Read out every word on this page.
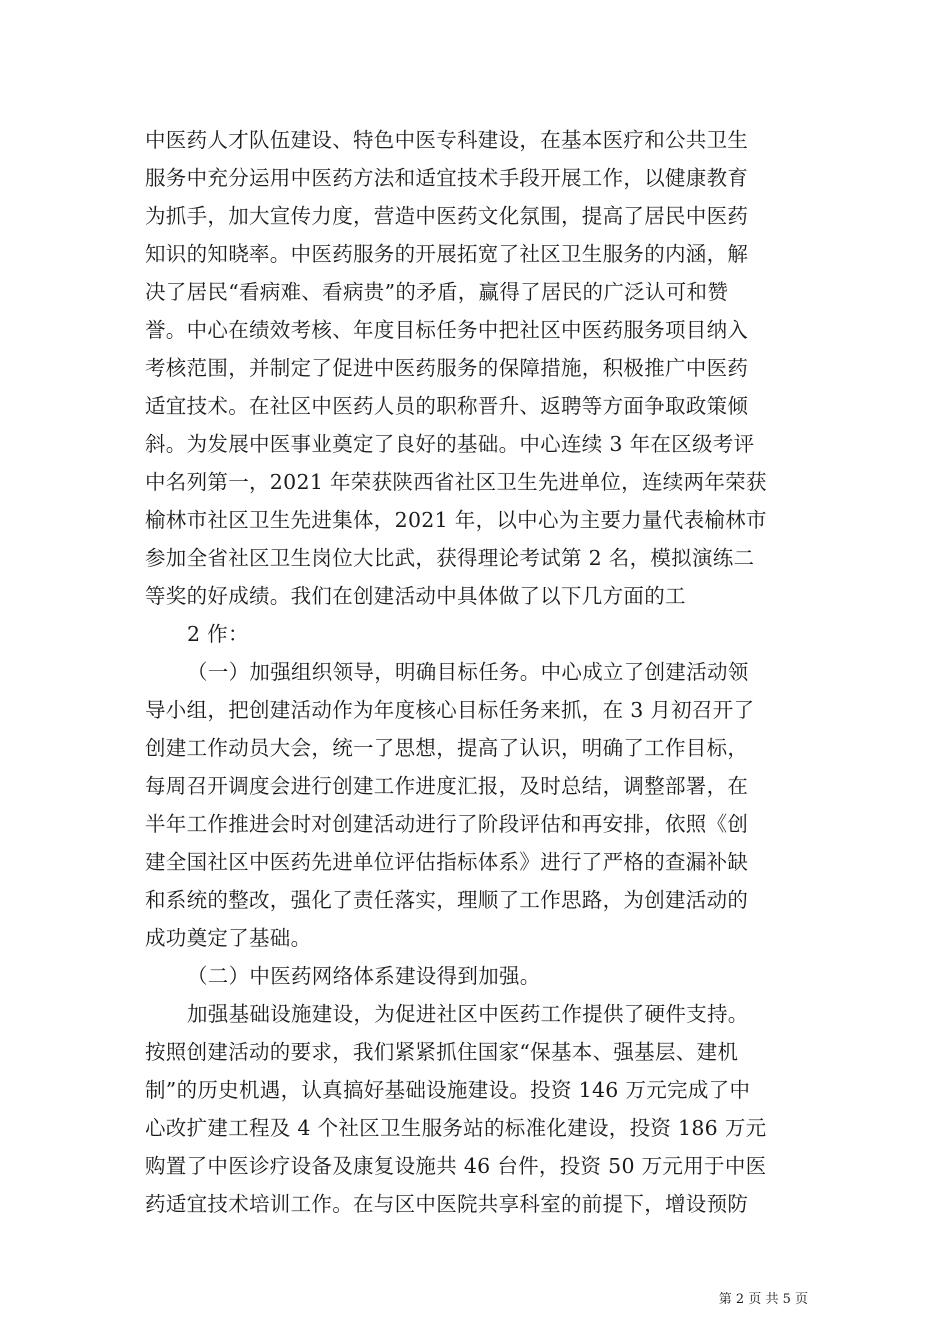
中医药人才队伍建设、特色中医专科建设，在基本医疗和公共卫生
服务中充分运用中医药方法和适宜技术手段开展工作，以健康教育
为抓手，加大宣传力度，营造中医药文化氛围，提高了居民中医药
知识的知晓率。中医药服务的开展拓宽了社区卫生服务的内涵，解
决了居民“看病难、看病贵”的矛盾，赢得了居民的广泛认可和赞
誉。中心在绩效考核、年度目标任务中把社区中医药服务项目纳入
考核范围，并制定了促进中医药服务的保障措施，积极推广中医药
适宜技术。在社区中医药人员的职称晋升、返聘等方面争取政策倾
斜。为发展中医事业奠定了良好的基础。中心连续 3 年在区级考评
中名列第一，2021 年荣获陕西省社区卫生先进单位，连续两年荣获
榆林市社区卫生先进集体，2021 年，以中心为主要力量代表榆林市
参加全省社区卫生岗位大比武，获得理论考试第 2 名，模拟演练二
等奖的好成绩。我们在创建活动中具体做了以下几方面的工
2 作：
（一）加强组织领导，明确目标任务。中心成立了创建活动领
导小组，把创建活动作为年度核心目标任务来抓，在 3 月初召开了
创建工作动员大会，统一了思想，提高了认识，明确了工作目标，
每周召开调度会进行创建工作进度汇报，及时总结，调整部署，在
半年工作推进会时对创建活动进行了阶段评估和再安排，依照《创
建全国社区中医药先进单位评估指标体系》进行了严格的查漏补缺
和系统的整改，强化了责任落实，理顺了工作思路，为创建活动的
成功奠定了基础。
（二）中医药网络体系建设得到加强。
加强基础设施建设，为促进社区中医药工作提供了硬件支持。
按照创建活动的要求，我们紧紧抓住国家“保基本、强基层、建机
制”的历史机遇，认真搞好基础设施建设。投资 146 万元完成了中
心改扩建工程及 4 个社区卫生服务站的标准化建设，投资 186 万元
购置了中医诊疗设备及康复设施共 46 台件，投资 50 万元用于中医
药适宜技术培训工作。在与区中医院共享科室的前提下，增设预防
第 2 页 共 5 页
